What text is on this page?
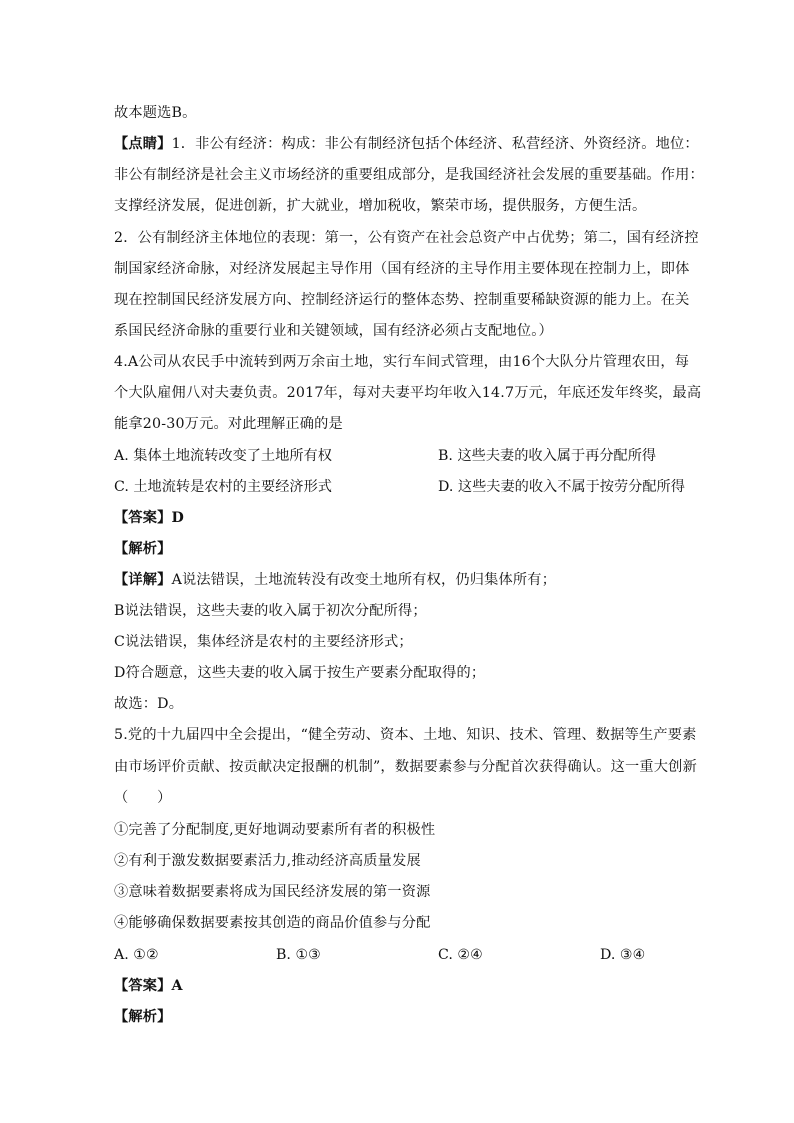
故本题选B。
【点睛】1．非公有经济：构成：非公有制经济包括个体经济、私营经济、外资经济。地位：
非公有制经济是社会主义市场经济的重要组成部分，是我国经济社会发展的重要基础。作用：
支撑经济发展，促进创新，扩大就业，增加税收，繁荣市场，提供服务，方便生活。
2．公有制经济主体地位的表现：第一，公有资产在社会总资产中占优势；第二，国有经济控
制国家经济命脉，对经济发展起主导作用（国有经济的主导作用主要体现在控制力上，即体
现在控制国民经济发展方向、控制经济运行的整体态势、控制重要稀缺资源的能力上。在关
系国民经济命脉的重要行业和关键领域，国有经济必须占支配地位。）
4.A公司从农民手中流转到两万余亩土地，实行车间式管理，由16个大队分片管理农田，每
个大队雇佣八对夫妻负责。2017年，每对夫妻平均年收入14.7万元，年底还发年终奖，最高
能拿20-30万元。对此理解正确的是
A. 集体土地流转改变了土地所有权	B. 这些夫妻的收入属于再分配所得
C. 土地流转是农村的主要经济形式	D. 这些夫妻的收入不属于按劳分配所得
【答案】D
【解析】
【详解】A说法错误，土地流转没有改变土地所有权，仍归集体所有；
B说法错误，这些夫妻的收入属于初次分配所得；
C说法错误，集体经济是农村的主要经济形式；
D符合题意，这些夫妻的收入属于按生产要素分配取得的；
故选：D。
5.党的十九届四中全会提出，“健全劳动、资本、土地、知识、技术、管理、数据等生产要素
由市场评价贡献、按贡献决定报酬的机制”，数据要素参与分配首次获得确认。这一重大创新
（　　）
①完善了分配制度,更好地调动要素所有者的积极性
②有利于激发数据要素活力,推动经济高质量发展
③意味着数据要素将成为国民经济发展的第一资源
④能够确保数据要素按其创造的商品价值参与分配
A. ①②	B. ①③	C. ②④	D. ③④
【答案】A
【解析】
